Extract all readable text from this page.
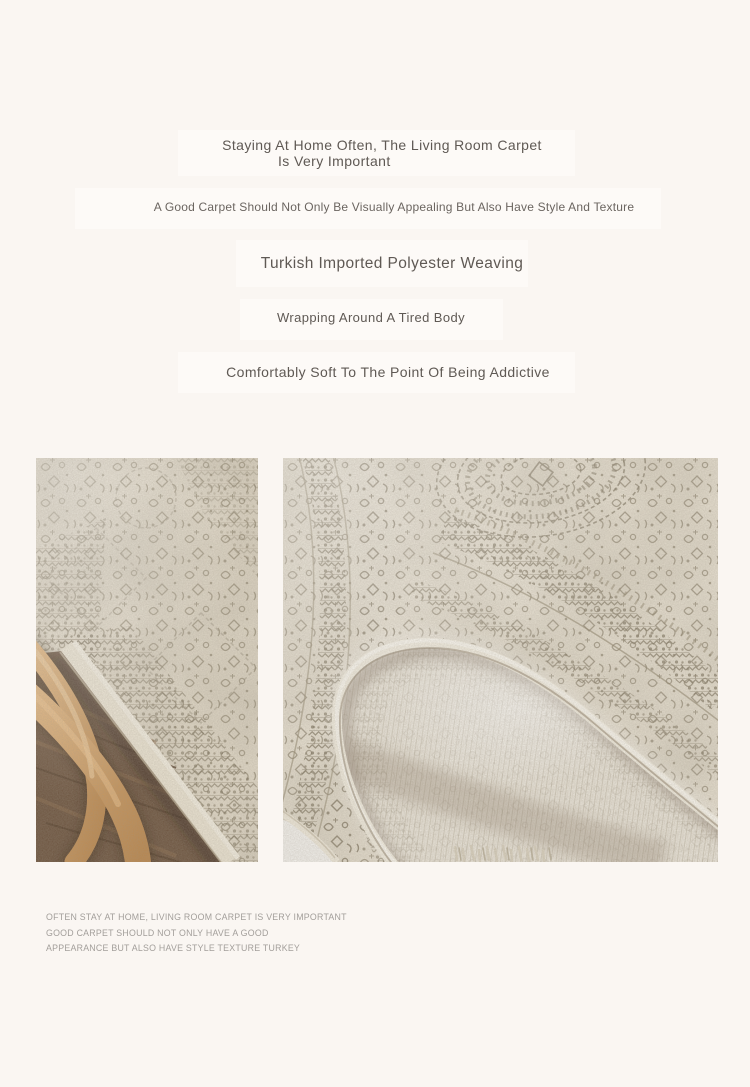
Staying At Home Often, The Living Room Carpet
Is Very Important
A Good Carpet Should Not Only Be Visually Appealing But Also Have Style And Texture
Turkish Imported Polyester Weaving
Wrapping Around A Tired Body
Comfortably Soft To The Point Of Being Addictive
OFTEN STAY AT HOME, LIVING ROOM CARPET IS VERY IMPORTANT
GOOD CARPET SHOULD NOT ONLY HAVE A GOOD
APPEARANCE BUT ALSO HAVE STYLE TEXTURE TURKEY
